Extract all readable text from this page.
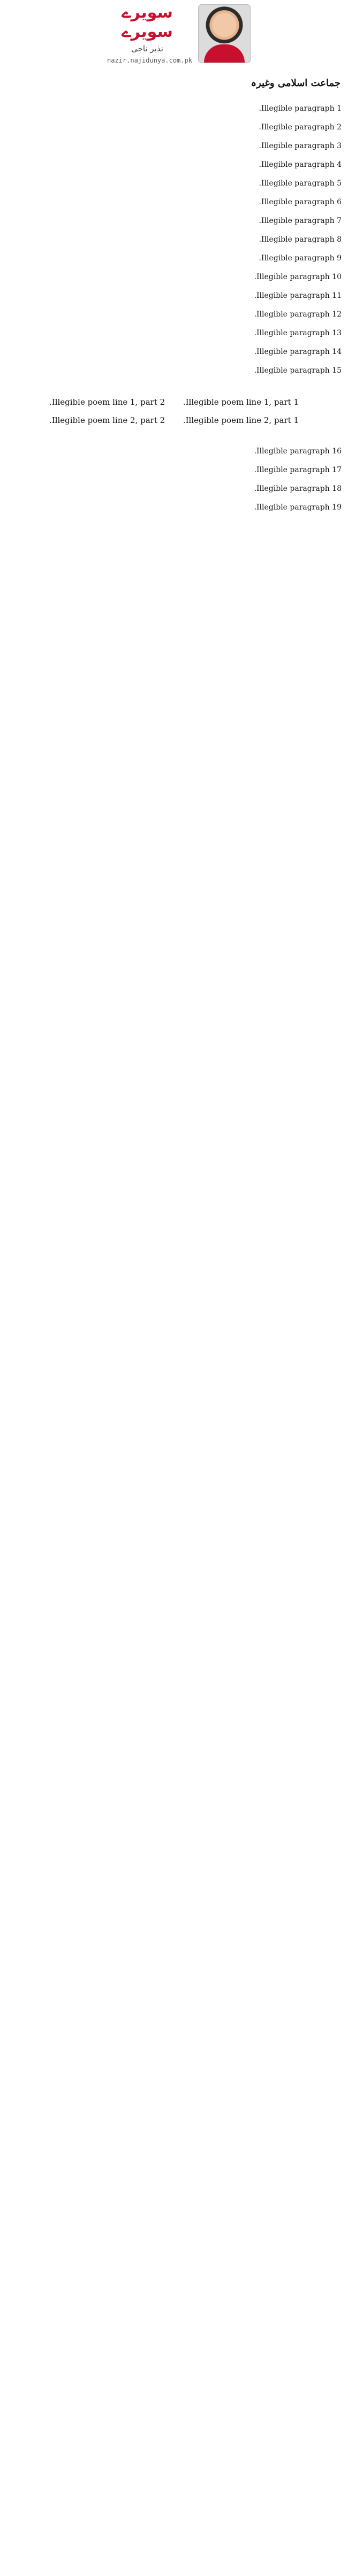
سویرے سویرے
نذیر ناجی
nazir.najidunya.com.pk
جماعت اسلامی وغیرہ

Illegible paragraph 1.

Illegible paragraph 2.

Illegible paragraph 3.

Illegible paragraph 4.

Illegible paragraph 5.

Illegible paragraph 6.

Illegible paragraph 7.

Illegible paragraph 8.

Illegible paragraph 9.

Illegible paragraph 10.

Illegible paragraph 11.

Illegible paragraph 12.

Illegible paragraph 13.

Illegible paragraph 14.

Illegible paragraph 15.

Illegible poem line 1, part 1.
Illegible poem line 1, part 2.
Illegible poem line 2, part 1.
Illegible poem line 2, part 2.

Illegible paragraph 16.

Illegible paragraph 17.

Illegible paragraph 18.

Illegible paragraph 19.
